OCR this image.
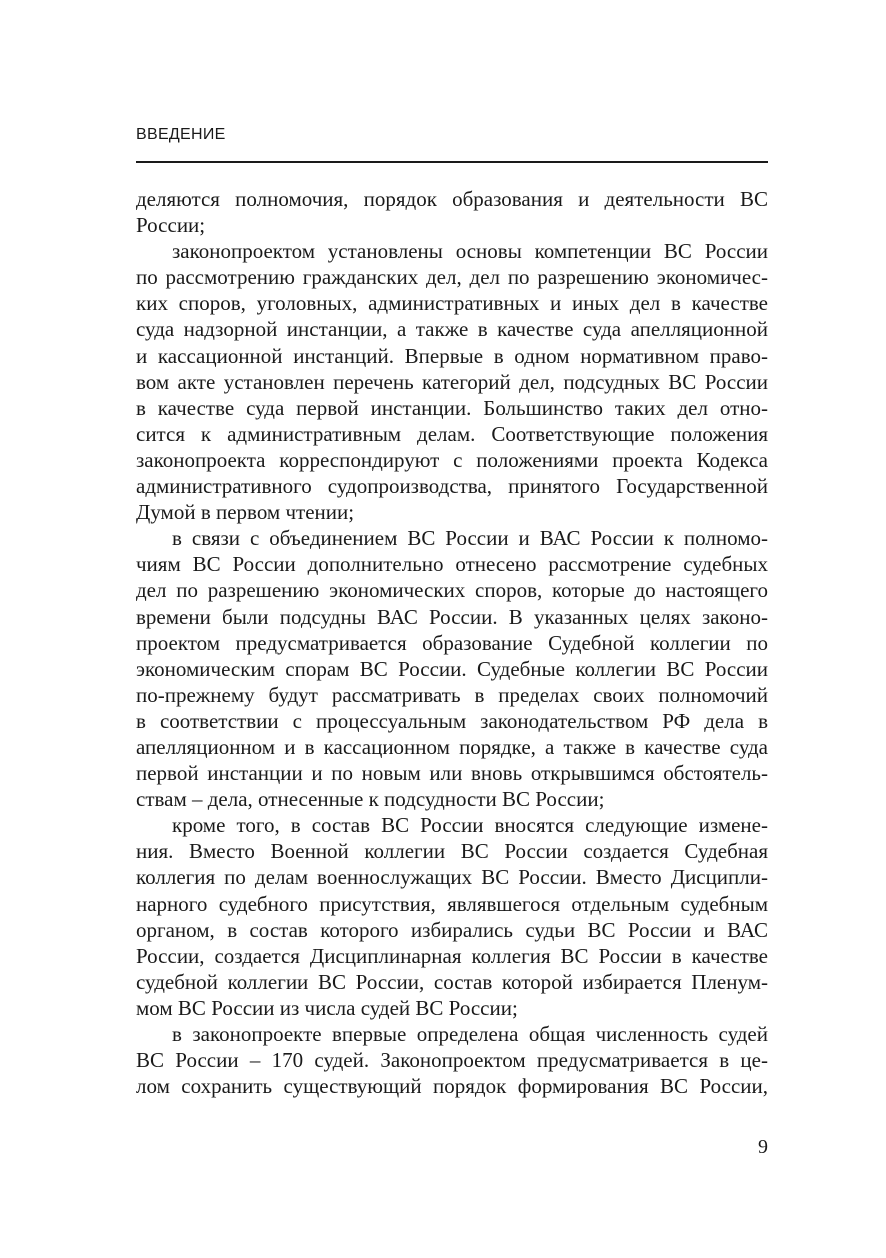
ВВЕДЕНИЕ
деляются полномочия, порядок образования и деятельности ВС
России;
законопроектом установлены основы компетенции ВС России
по рассмотрению гражданских дел, дел по разрешению экономичес-
ких споров, уголовных, административных и иных дел в качестве
суда надзорной инстанции, а также в качестве суда апелляционной
и кассационной инстанций. Впервые в одном нормативном право-
вом акте установлен перечень категорий дел, подсудных ВС России
в качестве суда первой инстанции. Большинство таких дел отно-
сится к административным делам. Соответствующие положения
законопроекта корреспондируют с положениями проекта Кодекса
административного судопроизводства, принятого Государственной
Думой в первом чтении;
в связи с объединением ВС России и ВАС России к полномо-
чиям ВС России дополнительно отнесено рассмотрение судебных
дел по разрешению экономических споров, которые до настоящего
времени были подсудны ВАС России. В указанных целях законо-
проектом предусматривается образование Судебной коллегии по
экономическим спорам ВС России. Судебные коллегии ВС России
по-прежнему будут рассматривать в пределах своих полномочий
в соответствии с процессуальным законодательством РФ дела в
апелляционном и в кассационном порядке, а также в качестве суда
первой инстанции и по новым или вновь открывшимся обстоятель-
ствам – дела, отнесенные к подсудности ВС России;
кроме того, в состав ВС России вносятся следующие измене-
ния. Вместо Военной коллегии ВС России создается Судебная
коллегия по делам военнослужащих ВС России. Вместо Дисципли-
нарного судебного присутствия, являвшегося отдельным судебным
органом, в состав которого избирались судьи ВС России и ВАС
России, создается Дисциплинарная коллегия ВС России в качестве
судебной коллегии ВС России, состав которой избирается Пленум-
мом ВС России из числа судей ВС России;
в законопроекте впервые определена общая численность судей
ВС России – 170 судей. Законопроектом предусматривается в це-
лом сохранить существующий порядок формирования ВС России,
9
